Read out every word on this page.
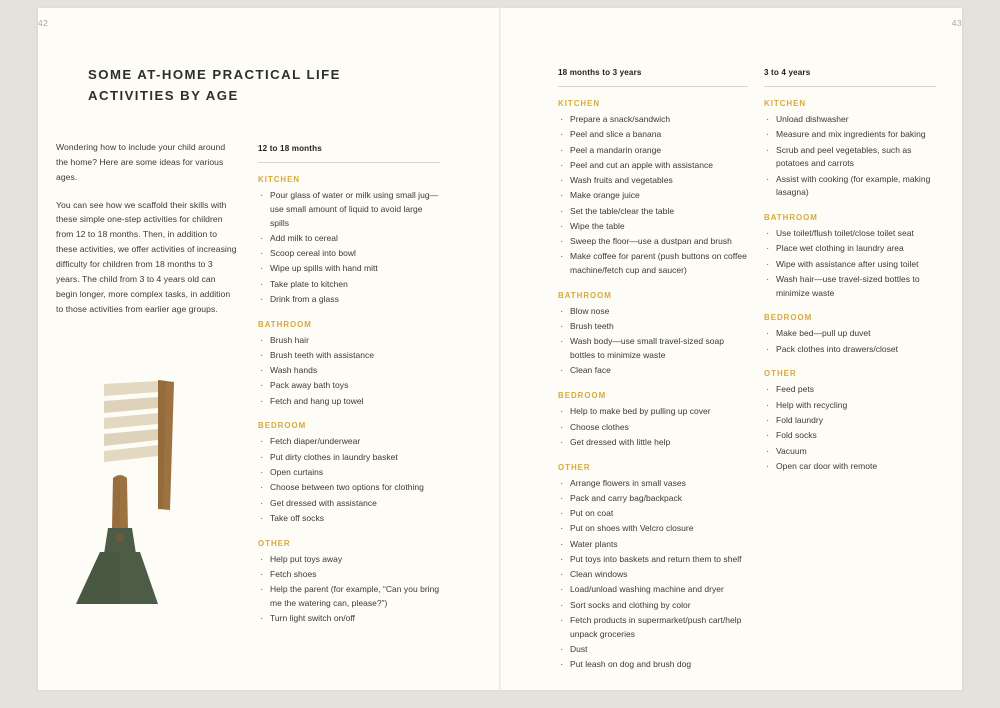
42	43
SOME AT-HOME PRACTICAL LIFE ACTIVITIES BY AGE

Wondering how to include your child around the home? Here are some ideas for various ages.

You can see how we scaffold their skills with these simple one-step activities for children from 12 to 18 months. Then, in addition to these activities, we offer activities of increasing difficulty for children from 18 months to 3 years. The child from 3 to 4 years old can begin longer, more complex tasks, in addition to those activities from earlier age groups.

12 to 18 months
KITCHEN
· Pour glass of water or milk using small jug—use small amount of liquid to avoid large spills
· Add milk to cereal
· Scoop cereal into bowl
· Wipe up spills with hand mitt
· Take plate to kitchen
· Drink from a glass
BATHROOM
· Brush hair
· Brush teeth with assistance
· Wash hands
· Pack away bath toys
· Fetch and hang up towel
BEDROOM
· Fetch diaper/underwear
· Put dirty clothes in laundry basket
· Open curtains
· Choose between two options for clothing
· Get dressed with assistance
· Take off socks
OTHER
· Help put toys away
· Fetch shoes
· Help the parent (for example, “Can you bring me the watering can, please?”)
· Turn light switch on/off
18 months to 3 years
KITCHEN
· Prepare a snack/sandwich
· Peel and slice a banana
· Peel a mandarin orange
· Peel and cut an apple with assistance
· Wash fruits and vegetables
· Make orange juice
· Set the table/clear the table
· Wipe the table
· Sweep the floor—use a dustpan and brush
· Make coffee for parent (push buttons on coffee machine/fetch cup and saucer)
BATHROOM
· Blow nose
· Brush teeth
· Wash body—use small travel-sized soap bottles to minimize waste
· Clean face
BEDROOM
· Help to make bed by pulling up cover
· Choose clothes
· Get dressed with little help
OTHER
· Arrange flowers in small vases
· Pack and carry bag/backpack
· Put on coat
· Put on shoes with Velcro closure
· Water plants
· Put toys into baskets and return them to shelf
· Clean windows
· Load/unload washing machine and dryer
· Sort socks and clothing by color
· Fetch products in supermarket/push cart/help unpack groceries
· Dust
· Put leash on dog and brush dog
3 to 4 years
KITCHEN
· Unload dishwasher
· Measure and mix ingredients for baking
· Scrub and peel vegetables, such as potatoes and carrots
· Assist with cooking (for example, making lasagna)
BATHROOM
· Use toilet/flush toilet/close toilet seat
· Place wet clothing in laundry area
· Wipe with assistance after using toilet
· Wash hair—use travel-sized bottles to minimize waste
BEDROOM
· Make bed—pull up duvet
· Pack clothes into drawers/closet
OTHER
· Feed pets
· Help with recycling
· Fold laundry
· Fold socks
· Vacuum
· Open car door with remote
